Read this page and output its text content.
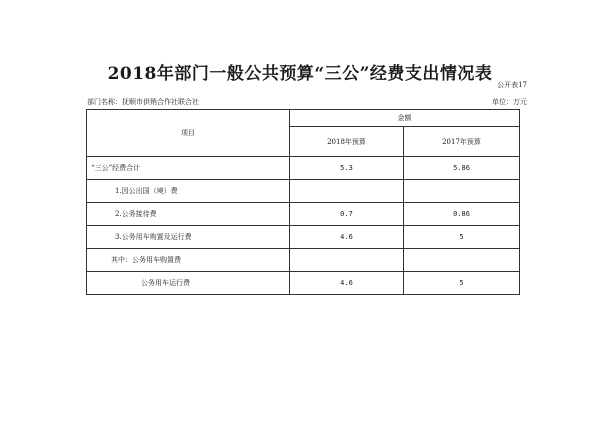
2018年部门一般公共预算“三公”经费支出情况表
公开表17
部门名称：抚顺市供销合作社联合社	单位：万元
项目	金额	
	2018年预算	2017年预算
“三公”经费合计	5.3	5.86
1.因公出国（境）费		
2.公务接待费	0.7	0.86
3.公务用车购置及运行费	4.6	5
其中：公务用车购置费		
公务用车运行费	4.6	5
